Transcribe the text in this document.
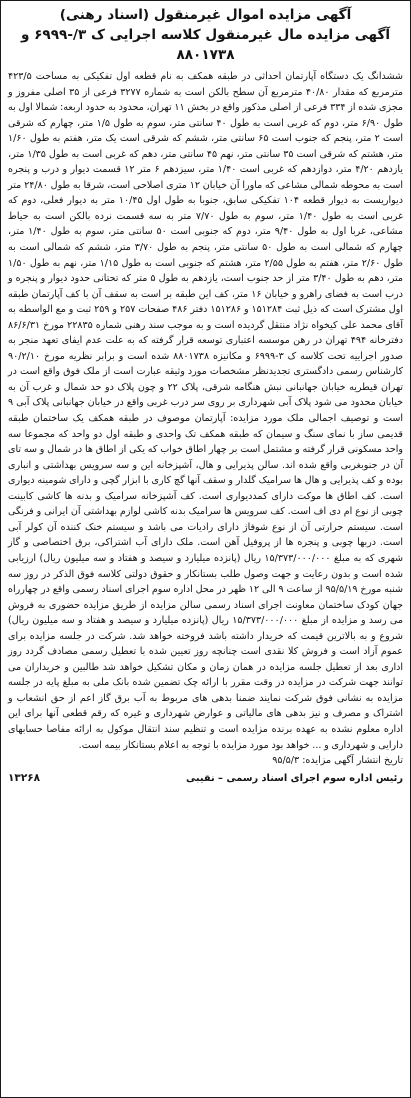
آگهی مزایده اموال غیرمنقول (اسناد رهنی)
آگهی مزایده مال غیرمنقول کلاسه اجرایی ک ۳/-۶۹۹۹ و
۸۸۰۱۷۳۸
ششدانگ یک دستگاه آپارتمان احداثی در طبقه همکف به نام قطعه اول تفکیکی به مساحت ۴۲۳/۵ مترمربع که مقدار ۴۰/۸۰ مترمربع آن سطح بالکن است به شماره ۳۲۷۷ فرعی از ۳۵ اصلی مفروز و مجزی شده از ۳۳۴ فرعی از اصلی مذکور واقع در بخش ۱۱ تهران، محدود به حدود اربعه: شمالا اول به طول ۶/۹۰ متر، دوم که غربی است به طول ۴۰ سانتی متر، سوم به طول ۱/۵ متر، چهارم که شرقی است ۲ متر، پنجم که جنوب است ۶۵ سانتی متر، ششم که شرقی است یک متر، هفتم به طول ۱/۶۰ متر، هشتم که شرقی است ۳۵ سانتی متر، نهم ۴۵ سانتی متر، دهم که غربی است به طول ۱/۳۵ متر، یازدهم ۴/۲۰ متر، دوازدهم که غربی است ۱/۴۰ متر، سیزدهم ۶ متر ۱۲ قسمت دیوار و درب و پنجره است به محوطه شمالی مشاعی که ماورا آن خیابان ۱۲ متری اصلاحی است، شرقا به طول ۲۴/۸۰ متر دیواریست به دیوار قطعه ۱۰۴ تفکیکی سابق، جنوبا به طول اول ۱۰/۴۵ متر به دیوار فعلی، دوم که غربی است به طول ۱/۴۰ متر، سوم به طول ۷/۷۰ متر به سه قسمت نرده بالکن است به حیاط مشاعی، غربا اول به طول ۹/۴۰ متر، دوم که جنوبی است ۵۰ سانتی متر، سوم به طول ۱/۴۰ متر، چهارم که شمالی است به طول ۵۰ سانتی متر، پنجم به طول ۳/۷۰ متر، ششم که شمالی است به طول ۲/۶۰ متر، هفتم به طول ۲/۵۵ متر، هشتم که جنوبی است به طول ۱/۱۵ متر، نهم به طول ۱/۵۰ متر، دهم به طول ۳/۴۰ متر از حد جنوب است، یازدهم به طول ۵ متر که تحتانی حدود دیوار و پنجره و درب است به فضای راهرو و خیابان ۱۶ متر، کف این طبقه بر است به سقف آن با کف آپارتمان طبقه اول مشترک است که ذیل ثبت ۱۵۱۲۸۴ و ۱۵۱۲۸۶ دفتر ۴۸۶ صفحات ۲۵۷ و ۲۵۹ ثبت و مع الواسطه به آقای محمد علی کیخواه نژاد منتقل گردیده است و به موجب سند رهنی شماره ۲۲۸۳۵ مورخ ۸۶/۶/۳۱ دفترخانه ۴۹۴ تهران در رهن موسسه اعتباری توسعه قرار گرفته که به علت عدم ایفای تعهد منجر به صدور اجراییه تحت کلاسه ک ۳-۶۹۹۹ و مکانیزه ۸۸۰۱۷۳۸ شده است و برابر نظریه مورخ ۹۰/۲/۱۰ کارشناس رسمی دادگستری تجدیدنظر مشخصات مورد وثیقه عبارت است از ملک فوق واقع است در تهران قیطریه خیابان جهانبانی نبش هنگامه شرقی، پلاک ۲۲ و چون پلاک دو حد شمال و غرب آن به خیابان محدود می شود پلاک آبی شهرداری بر روی سر درب غربی واقع در خیابان جهانبانی پلاک آبی ۹ است و توصیف اجمالی ملک مورد مزایده: آپارتمان موصوف در طبقه همکف یک ساختمان طبقه قدیمی ساز با نمای سنگ و سیمان که طبقه همکف تک واحدی و طبقه اول دو واحد که مجموعا سه واحد مسکونی قرار گرفته و مشتمل است بر چهار اطاق خواب که یکی از اطاق ها در شمال و سه تای آن در جنوبغربی واقع شده اند. سالن پذیرایی و هال، آشپزخانه این و سه سرویس بهداشتی و انباری بوده و کف پذیرایی و هال ها سرامیک گلدار و سقف آنها گچ کاری با ابزار گچی و دارای شومینه دیواری است. کف اطاق ها موکت دارای کمددیواری است. کف آشپزخانه سرامیک و بدنه ها کاشی کابینت چوبی از نوع ام دی اف است. کف سرویس ها سرامیک بدنه کاشی لوازم بهداشتی آن ایرانی و فرنگی است. سیستم حرارتی آن از نوع شوفاژ دارای رادیات می باشد و سیستم خنک کننده آن کولر آبی است. دربها چوبی و پنجره ها از پروفیل آهن است. ملک دارای آب اشتراکی، برق اختصاصی و گاز شهری که به مبلغ ۱۵/۳۷۳/۰۰۰/۰۰۰ ریال (پانزده میلیارد و سیصد و هفتاد و سه میلیون ریال) ارزیابی شده است و بدون رعایت و جهت وصول طلب بستانکار و حقوق دولتی کلاسه فوق الذکر در روز سه شنبه مورخ ۹۵/۵/۱۹ از ساعت ۹ الی ۱۲ ظهر در محل اداره سوم اجرای اسناد رسمی واقع در چهارراه جهان کودک ساختمان معاونت اجرای اسناد رسمی سالن مزایده از طریق مزایده حضوری به فروش می رسد و مزایده از مبلغ ۱۵/۳۷۳/۰۰۰/۰۰۰ ریال (پانزده میلیارد و سیصد و هفتاد و سه میلیون ریال) شروع و به بالاترین قیمت که خریدار داشته باشد فروخته خواهد شد. شرکت در جلسه مزایده برای عموم آزاد است و فروش کلا نقدی است چنانچه روز تعیین شده با تعطیل رسمی مصادف گردد روز اداری بعد از تعطیل جلسه مزایده در همان زمان و مکان تشکیل خواهد شد طالبین و خریداران می توانند جهت شرکت در مزایده در وقت مقرر با ارائه چک تضمین شده بانک ملی به مبلغ پایه در جلسه مزایده به نشانی فوق شرکت نمایند ضمنا بدهی های مربوط به آب برق گاز اعم از حق انشعاب و اشتراک و مصرف و نیز بدهی های مالیاتی و عوارض شهرداری و غیره که رقم قطعی آنها برای این اداره معلوم نشده به عهده برنده مزایده است و تنظیم سند انتقال موکول به ارائه مفاصا حسابهای دارایی و شهرداری و ... خواهد بود مورد مزایده با توجه به اعلام بستانکار بیمه است.
تاریخ انتشار آگهی مزایده: ۹۵/۵/۳
رئیس اداره سوم اجرای اسناد رسمی – نقیبی
۱۳۲۶۸
